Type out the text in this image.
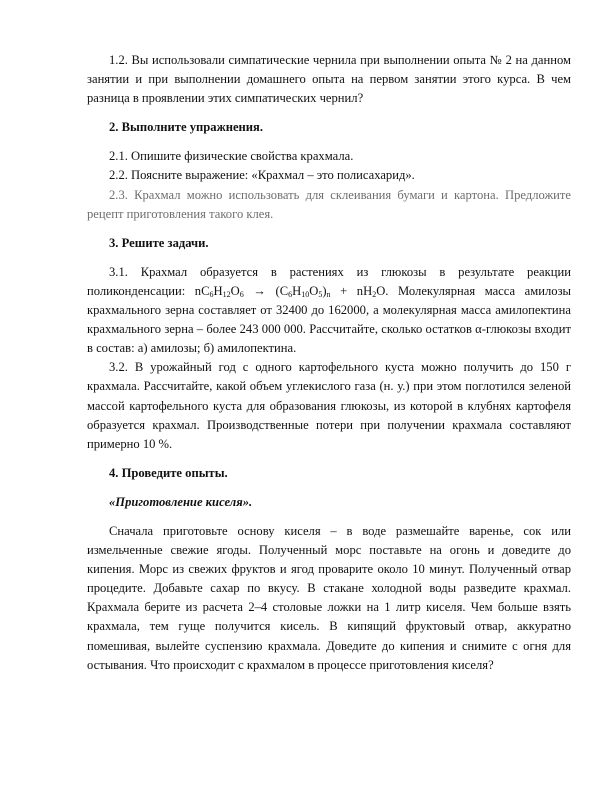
1.2. Вы использовали симпатические чернила при выполнении опыта № 2 на данном занятии и при выполнении домашнего опыта на первом занятии этого курса. В чем разница в проявлении этих симпатических чернил?

2. Выполните упражнения.

2.1. Опишите физические свойства крахмала.

2.2. Поясните выражение: «Крахмал – это полисахарид».

2.3. Крахмал можно использовать для склеивания бумаги и картона. Предложите рецепт приготовления такого клея.

3. Решите задачи.

3.1. Крахмал образуется в растениях из глюкозы в результате реакции поликонденсации: $nC_6H_{12}O_6 \to (C_6H_{10}O_5)_n + nH_2O$. Молекулярная масса амилозы крахмального зерна составляет от 32400 до 162000, а молекулярная масса амилопектина крахмального зерна – более 243 000 000. Рассчитайте, сколько остатков α-глюкозы входит в состав: а) амилозы; б) амилопектина.

3.2. В урожайный год с одного картофельного куста можно получить до 150 г крахмала. Рассчитайте, какой объем углекислого газа (н. у.) при этом поглотился зеленой массой картофельного куста для образования глюкозы, из которой в клубнях картофеля образуется крахмал. Производственные потери при получении крахмала составляют примерно 10 %.

4. Проведите опыты.

«Приготовление киселя».

Сначала приготовьте основу киселя – в воде размешайте варенье, сок или измельченные свежие ягоды. Полученный морс поставьте на огонь и доведите до кипения. Морс из свежих фруктов и ягод проварите около 10 минут. Полученный отвар процедите. Добавьте сахар по вкусу. В стакане холодной воды разведите крахмал. Крахмала берите из расчета 2–4 столовые ложки на 1 литр киселя. Чем больше взять крахмала, тем гуще получится кисель. В кипящий фруктовый отвар, аккуратно помешивая, вылейте суспензию крахмала. Доведите до кипения и снимите с огня для остывания. Что происходит с крахмалом в процессе приготовления киселя?
